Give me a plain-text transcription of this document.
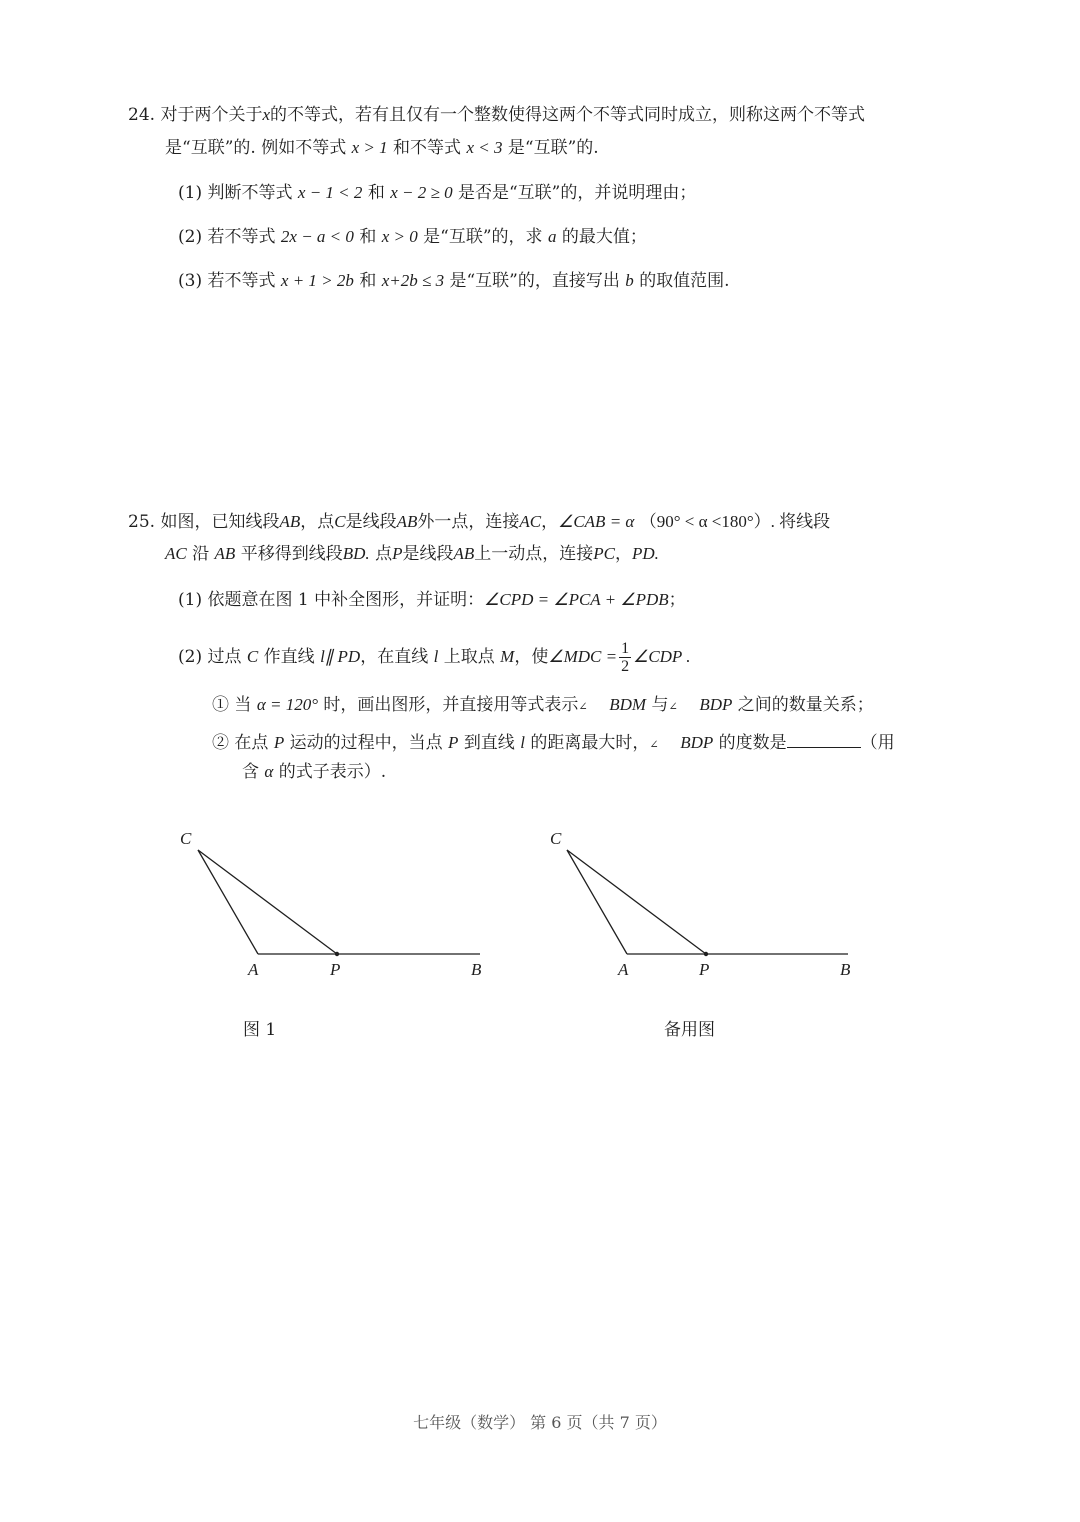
24. 对于两个关于x的不等式，若有且仅有一个整数使得这两个不等式同时成立，则称这两个不等式
是“互联”的. 例如不等式 x > 1 和不等式 x < 3 是“互联”的.
(1) 判断不等式 x − 1 < 2 和 x − 2 ≥ 0 是否是“互联”的，并说明理由；
(2) 若不等式 2x − a < 0 和 x > 0 是“互联”的，求 a 的最大值；
(3) 若不等式 x + 1 > 2b 和 x+2b ≤ 3 是“互联”的，直接写出 b 的取值范围.
25. 如图，已知线段AB，点C是线段AB外一点，连接AC，∠CAB = α （90° < α <180°）. 将线段
AC 沿 AB 平移得到线段BD. 点P是线段AB上一动点，连接PC，PD.
(1) 依题意在图 1 中补全图形，并证明：∠CPD = ∠PCA + ∠PDB；
(2) 过点 C 作直线 l∥ PD，在直线 l 上取点 M，使∠MDC = $\frac{1}{2}$ ∠CDP .
① 当 α = 120° 时，画出图形，并直接用等式表示∠ BDM 与∠ BDP 之间的数量关系；
② 在点 P 运动的过程中，当点 P 到直线 l 的距离最大时，∠ BDP 的度数是	（用
含 α 的式子表示）.
C
A	P	B
图 1
C
A	P	B
备用图
七年级（数学） 第 6 页（共 7 页）
